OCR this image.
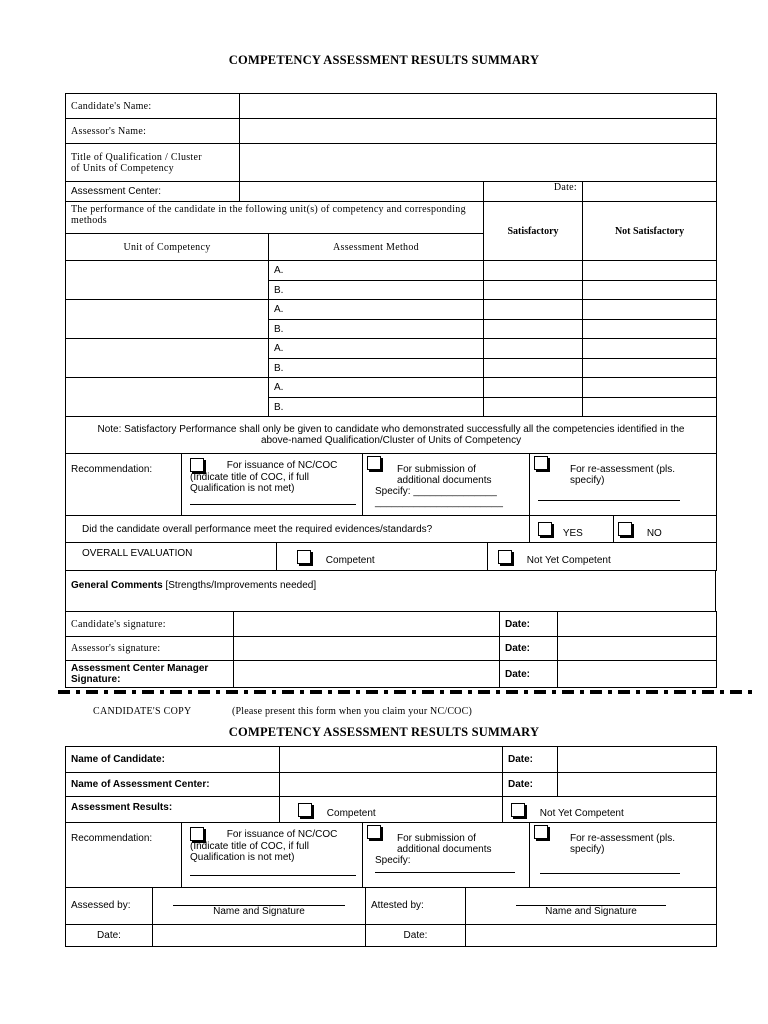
COMPETENCY ASSESSMENT RESULTS SUMMARY
Candidate's Name:			
Assessor's Name:			
Title of Qualification / Cluster
of Units of Competency			
Assessment Center:		Date:	
The performance of the candidate in the following unit(s) of competency and corresponding methods		Satisfactory	Not Satisfactory
Unit of Competency	Assessment Method		
	A.		
	B.		
	A.		
	B.		
	A.		
	B.		
	A.		
	B.		
Note: Satisfactory Performance shall only be given to candidate who demonstrated successfully all the competencies identified in the above-named Qualification/Cluster of Units of Competency			
Recommendation:	For issuance of NC/COC
(Indicate title of COC, if full
Qualification is not met)

For submission of
additional documents
Specify: _______________
_______________________

For re-assessment (pls.
specify)
Did the candidate overall performance meet the required evidences/standards?	YES	NO
OVERALL EVALUATION	Competent	Not Yet Competent
General Comments [Strengths/Improvements needed]
Candidate's signature:		Date:	
Assessor's signature:		Date:	
Assessment Center Manager
Signature:		Date:	
CANDIDATE'S COPY	(Please present this form when you claim your NC/COC)
COMPETENCY ASSESSMENT RESULTS SUMMARY
Name of Candidate:		Date:	
Name of Assessment Center:		Date:	
Assessment Results:	Competent	Not Yet Competent
Recommendation:	For issuance of NC/COC
(Indicate title of COC, if full
Qualification is not met)

For submission of
additional documents
Specify:

For re-assessment (pls.
specify)
Assessed by:	Name and Signature	Attested by:	Name and Signature
Date:		Date:	
